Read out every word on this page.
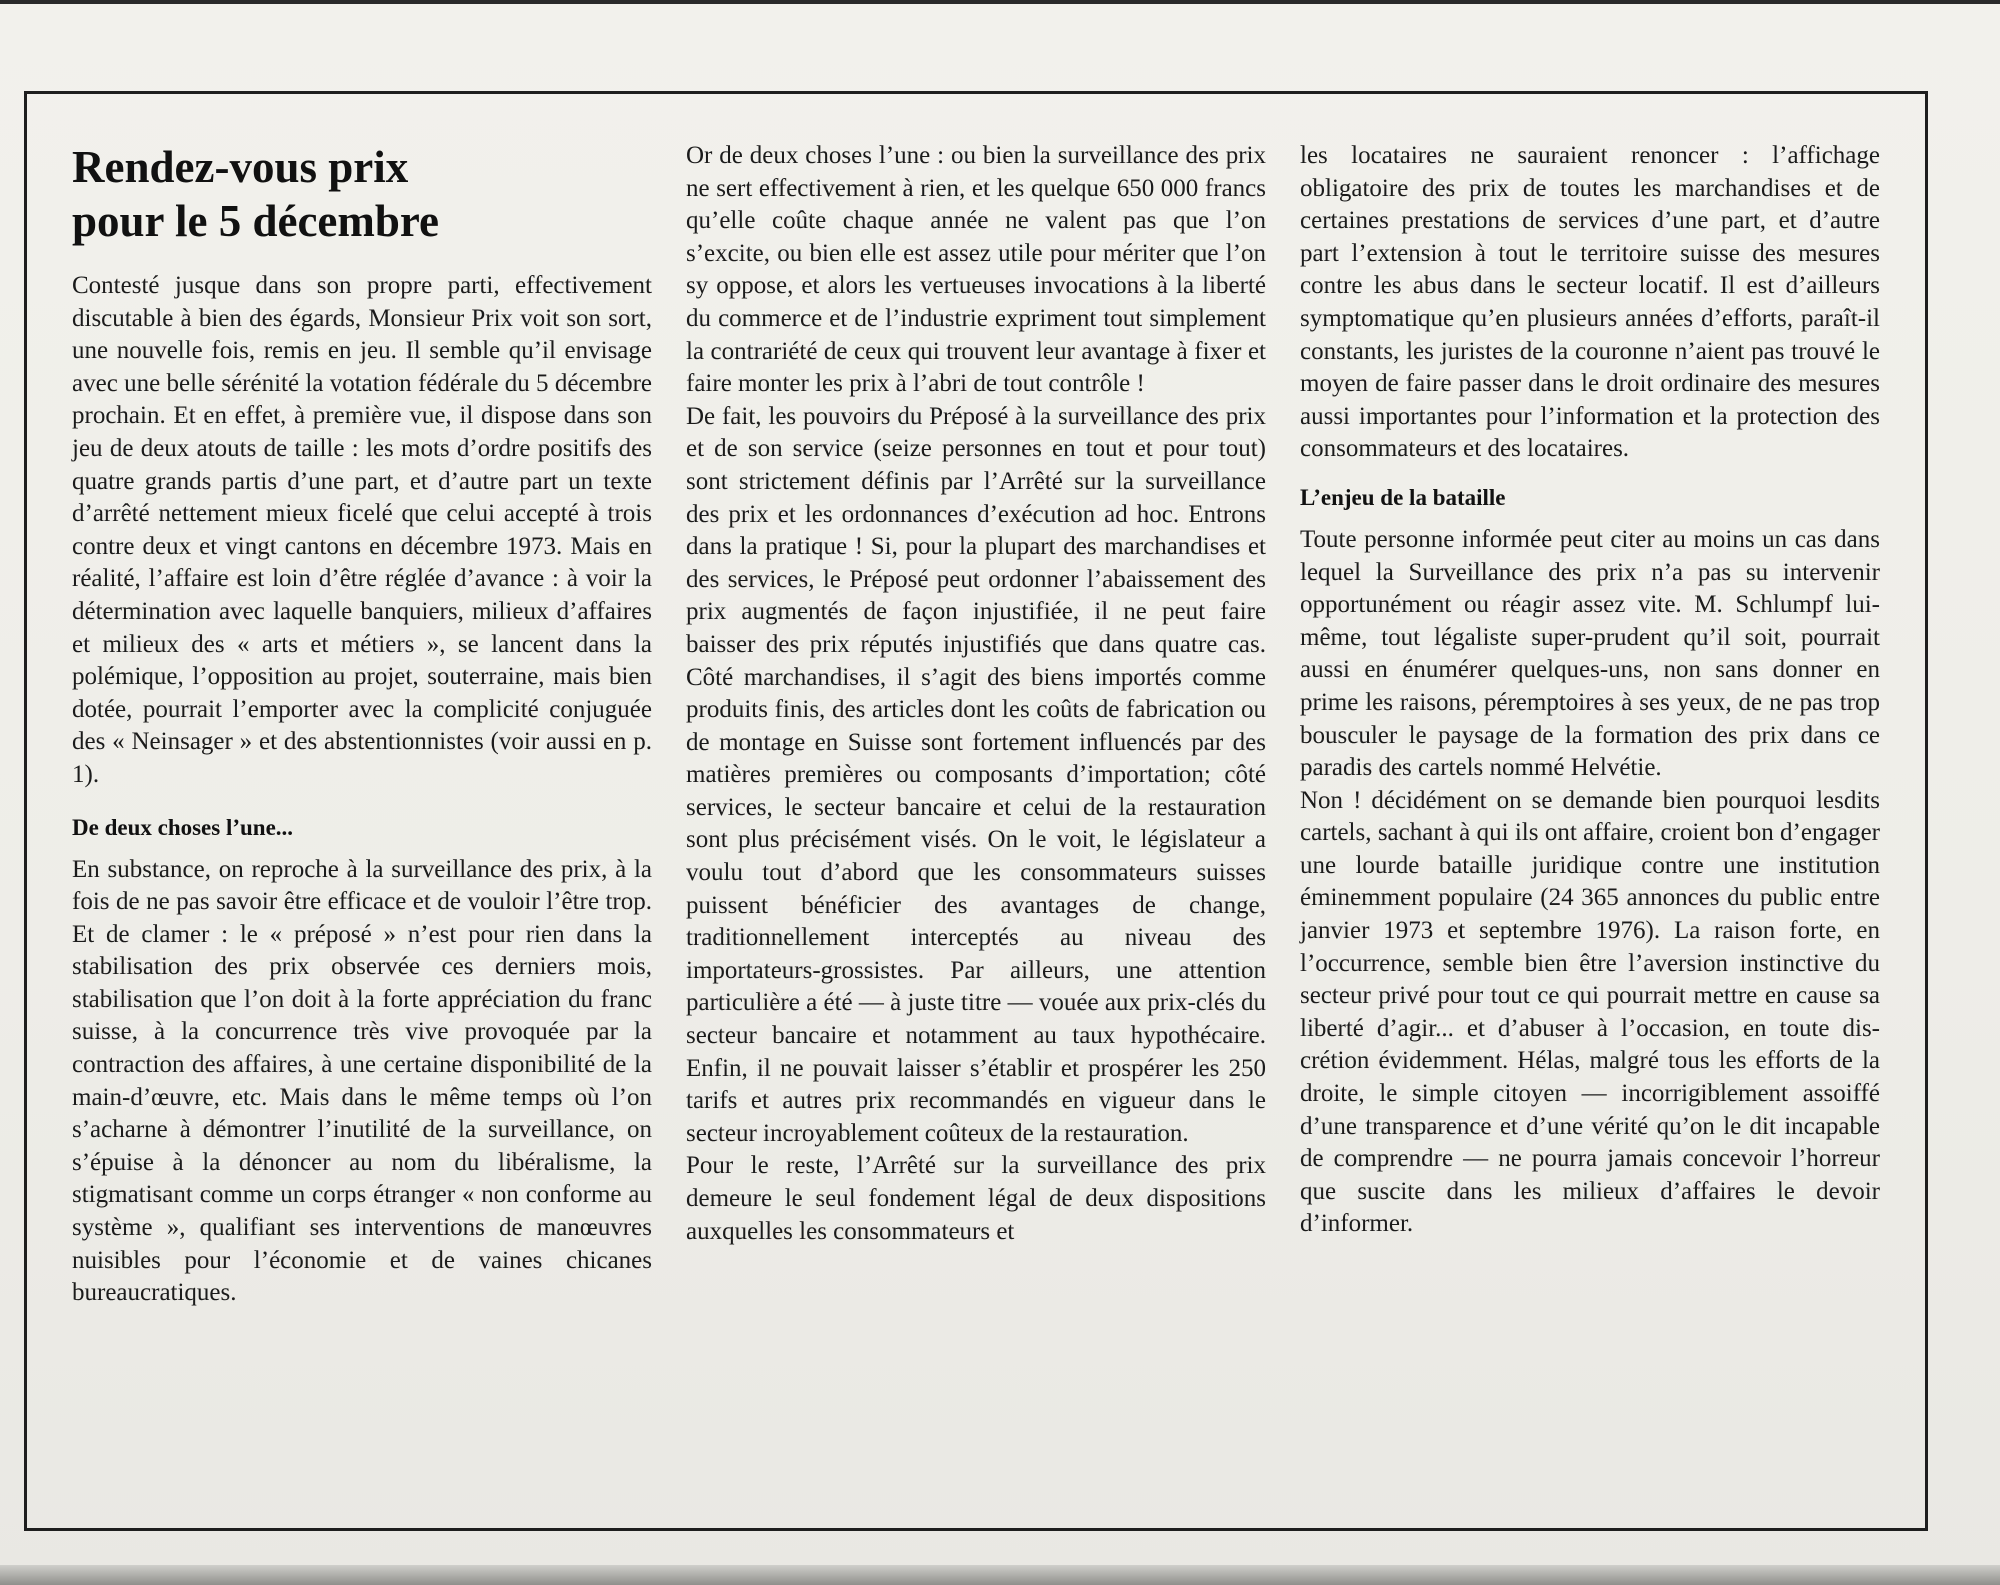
Rendez-vous prix
pour le 5 décembre

Contesté jusque dans son propre parti, effectivement discutable à bien des égards, Monsieur Prix voit son sort, une nouvelle fois, remis en jeu. Il semble qu’il envisage avec une belle sérénité la votation fédérale du 5 décembre prochain. Et en effet, à première vue, il dispose dans son jeu de deux atouts de taille : les mots d’ordre positifs des quatre grands partis d’une part, et d’autre part un texte d’arrêté nettement mieux ficelé que celui accepté à trois contre deux et vingt cantons en décembre 1973. Mais en réalité, l’affaire est loin d’être réglée d’avance : à voir la détermination avec laquelle banquiers, milieux d’affaires et milieux des « arts et métiers », se lancent dans la polémique, l’opposition au projet, souterraine, mais bien dotée, pourrait l’emporter avec la complicité conjuguée des « Neinsager » et des abstentionnistes (voir aussi en p. 1).

De deux choses l’une...

En substance, on reproche à la surveillance des prix, à la fois de ne pas savoir être efficace et de vouloir l’être trop. Et de clamer : le « préposé » n’est pour rien dans la stabilisation des prix observée ces derniers mois, stabilisation que l’on doit à la forte appréciation du franc suisse, à la concurrence très vive provoquée par la contraction des affaires, à une certaine disponibilité de la main-d’œuvre, etc. Mais dans le même temps où l’on s’acharne à démontrer l’inutilité de la surveillance, on s’épuise à la dénoncer au nom du libéralisme, la stigmatisant comme un corps étranger « non conforme au système », qualifiant ses interventions de manœuvres nuisibles pour l’économie et de vaines chicanes bureaucratiques.

Or de deux choses l’une : ou bien la surveillance des prix ne sert effectivement à rien, et les quelque 650 000 francs qu’elle coûte chaque année ne valent pas que l’on s’excite, ou bien elle est assez utile pour mériter que l’on sy oppose, et alors les vertueuses invocations à la liberté du commerce et de l’industrie expriment tout simplement la contrariété de ceux qui trouvent leur avantage à fixer et faire monter les prix à l’abri de tout contrôle !

De fait, les pouvoirs du Préposé à la surveillance des prix et de son service (seize personnes en tout et pour tout) sont strictement définis par l’Arrêté sur la surveillance des prix et les ordonnances d’exécution ad hoc. Entrons dans la pratique ! Si, pour la plupart des marchandises et des services, le Préposé peut ordonner l’abaissement des prix augmentés de façon injustifiée, il ne peut faire baisser des prix réputés injustifiés que dans quatre cas. Côté marchandises, il s’agit des biens importés comme produits finis, des articles dont les coûts de fabrication ou de montage en Suisse sont fortement influencés par des matières premières ou composants d’importation; côté services, le secteur bancaire et celui de la restauration sont plus précisément visés. On le voit, le législateur a voulu tout d’abord que les consommateurs suisses puissent bénéficier des avantages de change, traditionnellement interceptés au niveau des importateurs-grossistes. Par ailleurs, une attention particulière a été — à juste titre — vouée aux prix-clés du secteur bancaire et notamment au taux hypothécaire. Enfin, il ne pouvait laisser s’établir et prospérer les 250 tarifs et autres prix recommandés en vigueur dans le secteur incroyablement coûteux de la restauration.

Pour le reste, l’Arrêté sur la surveillance des prix demeure le seul fondement légal de deux dispositions auxquelles les consommateurs et

les locataires ne sauraient renoncer : l’affichage obligatoire des prix de toutes les marchandises et de certaines prestations de services d’une part, et d’autre part l’extension à tout le territoire suisse des mesures contre les abus dans le secteur locatif. Il est d’ailleurs symptomatique qu’en plusieurs années d’efforts, paraît-il constants, les juristes de la couronne n’aient pas trouvé le moyen de faire passer dans le droit ordinaire des mesures aussi importantes pour l’information et la protection des consommateurs et des locataires.

L’enjeu de la bataille

Toute personne informée peut citer au moins un cas dans lequel la Surveillance des prix n’a pas su intervenir opportunément ou réagir assez vite. M. Schlumpf lui-même, tout légaliste super-prudent qu’il soit, pourrait aussi en énumérer quelques-uns, non sans donner en prime les raisons, péremptoires à ses yeux, de ne pas trop bousculer le paysage de la formation des prix dans ce paradis des cartels nommé Helvétie.

Non ! décidément on se demande bien pourquoi lesdits cartels, sachant à qui ils ont affaire, croient bon d’engager une lourde bataille juridique contre une institution éminemment populaire (24 365 annonces du public entre janvier 1973 et septembre 1976). La raison forte, en l’occurrence, semble bien être l’aversion instinctive du secteur privé pour tout ce qui pourrait mettre en cause sa liberté d’agir... et d’abuser à l’occasion, en toute discrétion évidemment. Hélas, malgré tous les efforts de la droite, le simple citoyen — incorrigiblement assoiffé d’une transparence et d’une vérité qu’on le dit incapable de comprendre — ne pourra jamais concevoir l’horreur que suscite dans les milieux d’affaires le devoir d’informer.
